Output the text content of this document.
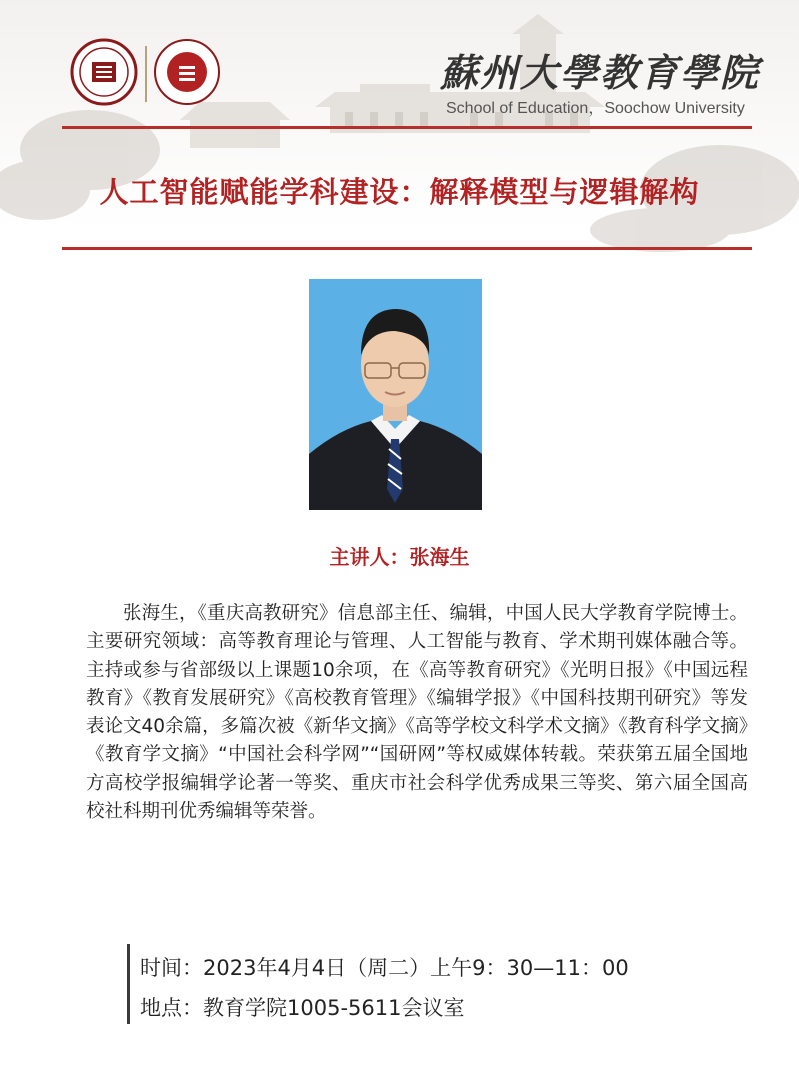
蘇州大學教育學院
School of Education，Soochow University
人工智能赋能学科建设：解释模型与逻辑解构
主讲人：张海生

张海生，《重庆高教研究》信息部主任、编辑，中国人民大学教育学院博士。主要研究领域：高等教育理论与管理、人工智能与教育、学术期刊媒体融合等。主持或参与省部级以上课题10余项，在《高等教育研究》《光明日报》《中国远程教育》《教育发展研究》《高校教育管理》《编辑学报》《中国科技期刊研究》等发表论文40余篇，多篇次被《新华文摘》《高等学校文科学术文摘》《教育科学文摘》《教育学文摘》“中国社会科学网”“国研网”等权威媒体转载。荣获第五届全国地方高校学报编辑学论著一等奖、重庆市社会科学优秀成果三等奖、第六届全国高校社科期刊优秀编辑等荣誉。

时间：2023年4月4日（周二）上午9：30—11：00
地点：教育学院1005-5611会议室
